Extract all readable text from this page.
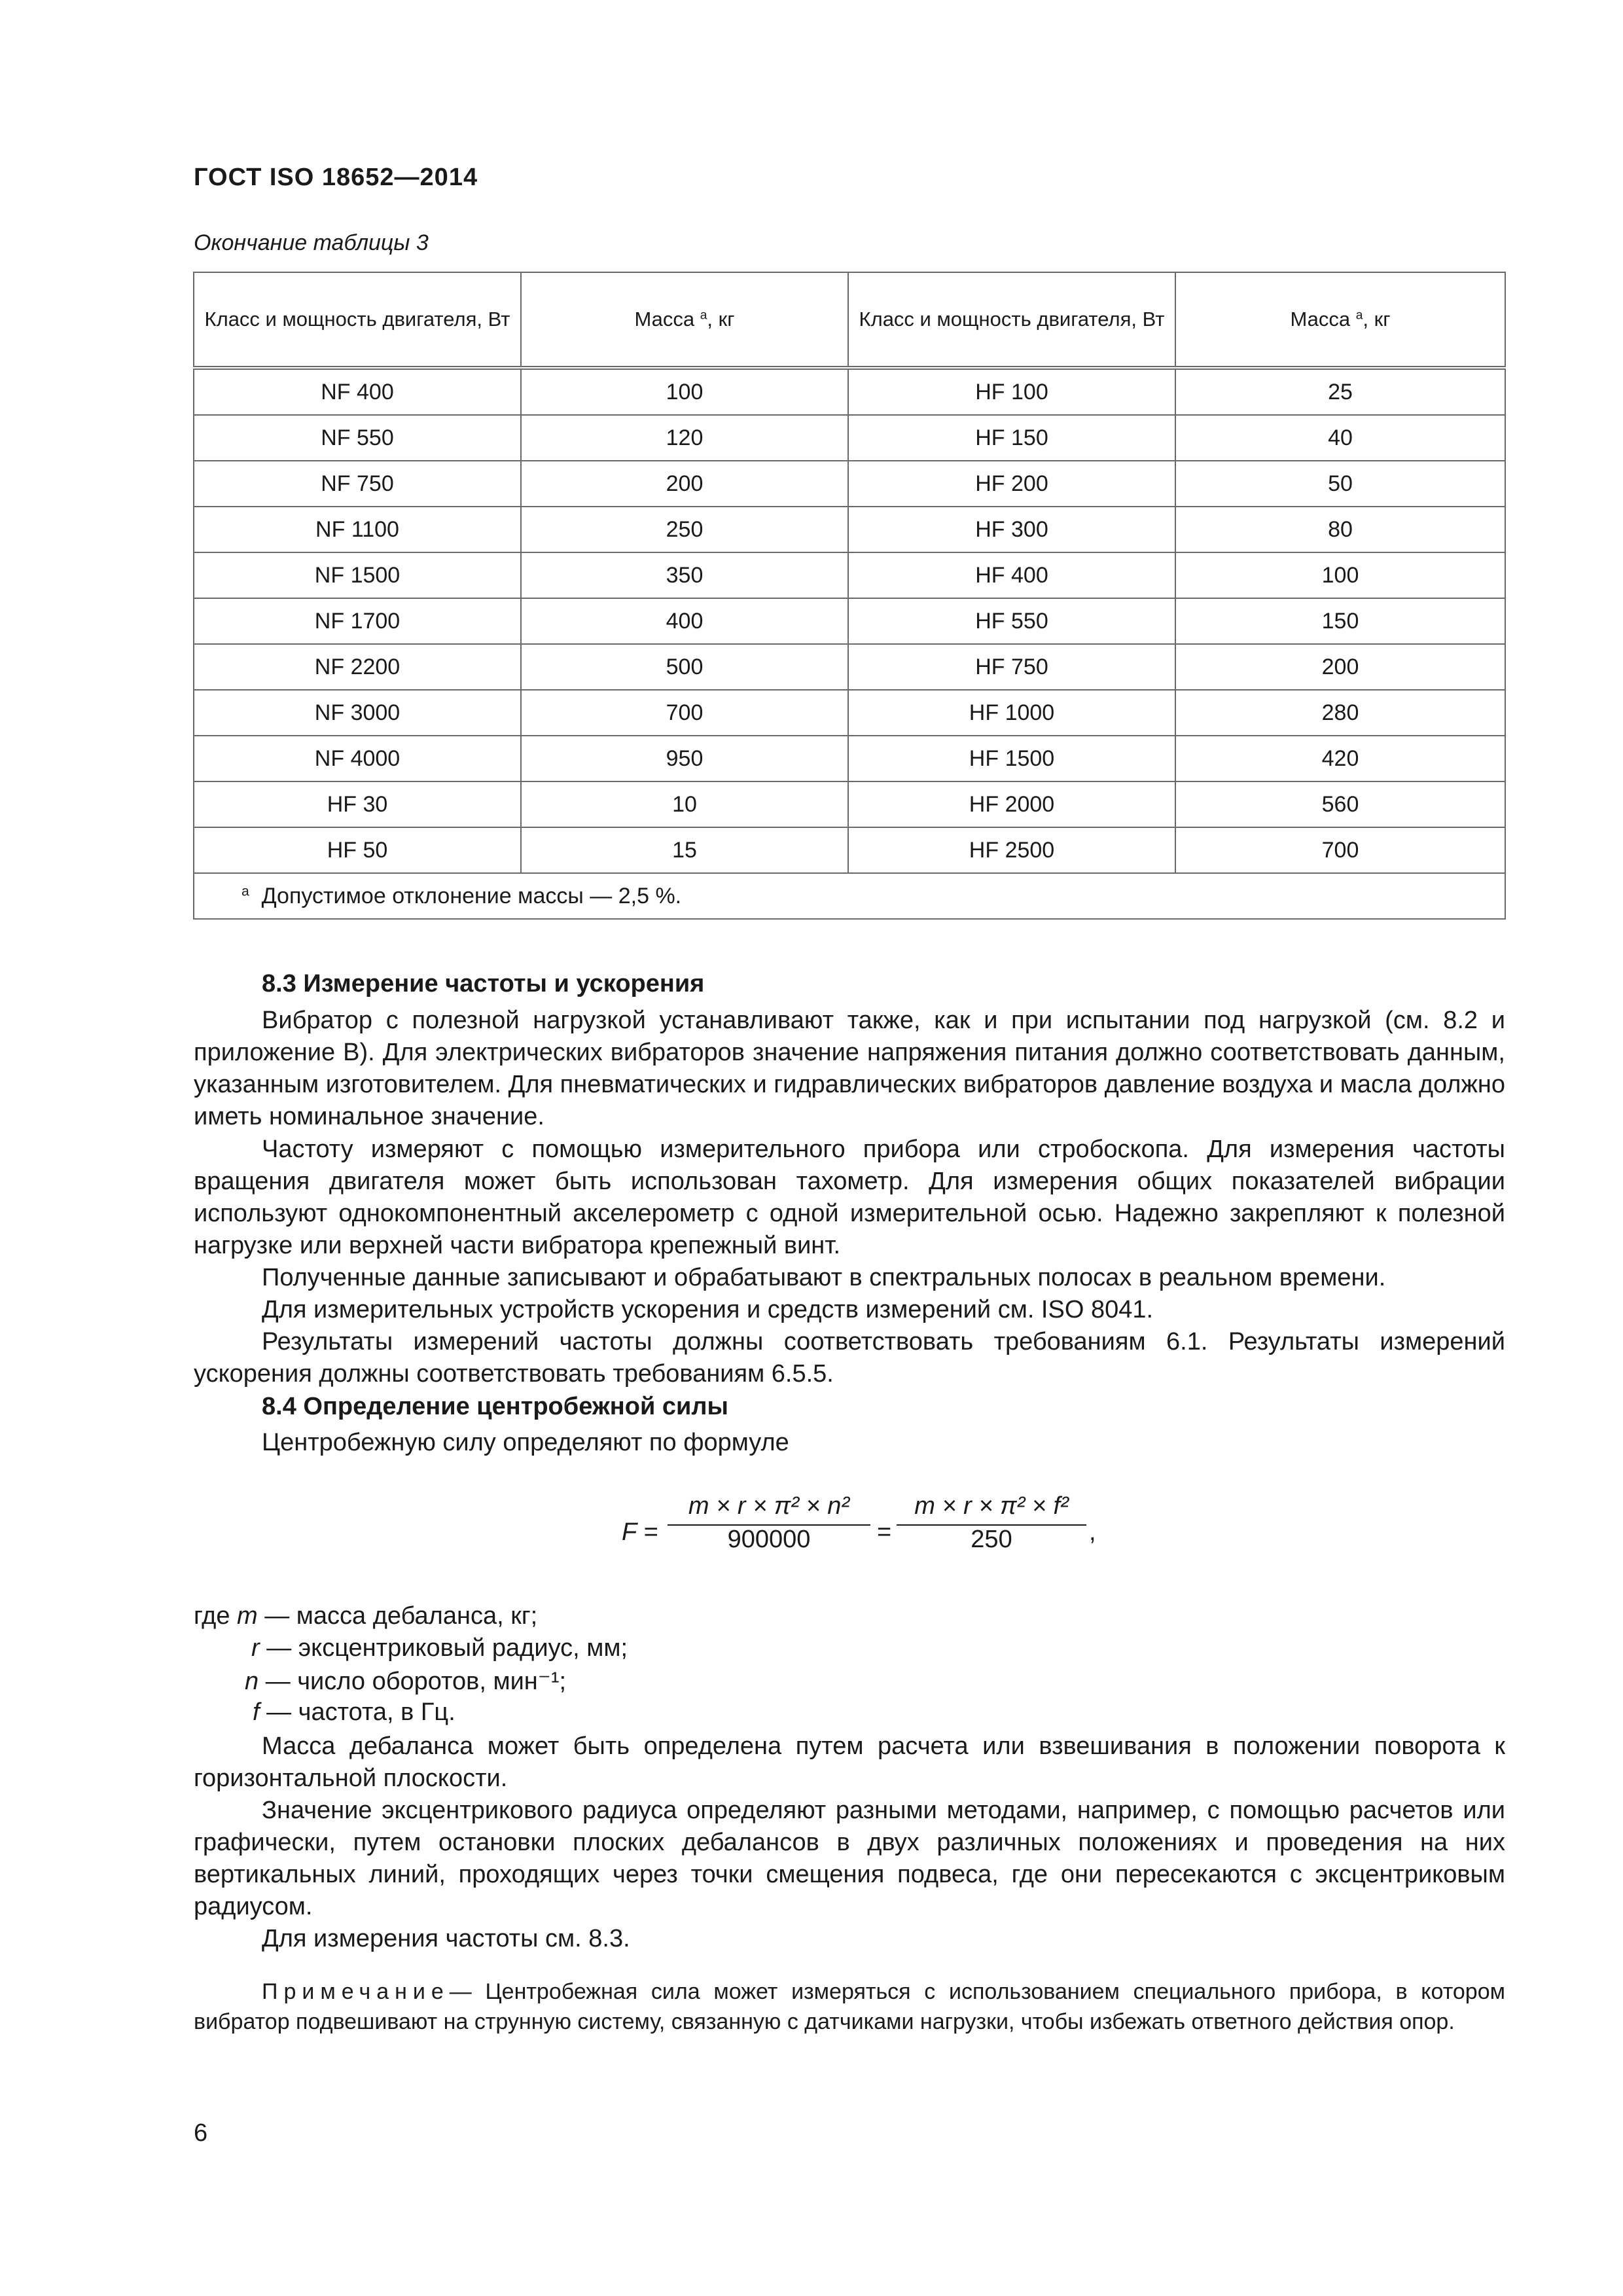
ГОСТ ISO 18652—2014
Окончание таблицы 3
Класс и мощность двигателя, Вт	Масса $^a$, кг	Класс и мощность двигателя, Вт	Масса $^a$, кг
NF 400	100	HF 100	25
NF 550	120	HF 150	40
NF 750	200	HF 200	50
NF 1100	250	HF 300	80
NF 1500	350	HF 400	100
NF 1700	400	HF 550	150
NF 2200	500	HF 750	200
NF 3000	700	HF 1000	280
NF 4000	950	HF 1500	420
HF 30	10	HF 2000	560
HF 50	15	HF 2500	700
$^a$ Допустимое отклонение массы — 2,5 %.			
8.3 Измерение частоты и ускорения

Вибратор с полезной нагрузкой устанавливают также, как и при испытании под нагрузкой (см. 8.2 и приложение В). Для электрических вибраторов значение напряжения питания должно соответствовать данным, указанным изготовителем. Для пневматических и гидравлических вибраторов давление воздуха и масла должно иметь номинальное значение.

Частоту измеряют с помощью измерительного прибора или стробоскопа. Для измерения частоты вращения двигателя может быть использован тахометр. Для измерения общих показателей вибрации используют однокомпонентный акселерометр с одной измерительной осью. Надежно закрепляют к полезной нагрузке или верхней части вибратора крепежный винт.

Полученные данные записывают и обрабатывают в спектральных полосах в реальном времени.

Для измерительных устройств ускорения и средств измерений см. ISO 8041.

Результаты измерений частоты должны соответствовать требованиям 6.1. Результаты измерений ускорения должны соответствовать требованиям 6.5.5.

8.4 Определение центробежной силы

Центробежную силу определяют по формуле

F =
m × r × π² × n²
900000	=
m × r × π² × f²
250	,
где m — масса дебаланса, кг;
r — эксцентриковый радиус, мм;
n — число оборотов, мин⁻¹;
f — частота, в Гц.

Масса дебаланса может быть определена путем расчета или взвешивания в положении поворота к горизонтальной плоскости.

Значение эксцентрикового радиуса определяют разными методами, например, с помощью расчетов или графически, путем остановки плоских дебалансов в двух различных положениях и проведения на них вертикальных линий, проходящих через точки смещения подвеса, где они пересекаются с эксцентриковым радиусом.

Для измерения частоты см. 8.3.

Примечание— Центробежная сила может измеряться с использованием специального прибора, в котором вибратор подвешивают на струнную систему, связанную с датчиками нагрузки, чтобы избежать ответного действия опор.

6
